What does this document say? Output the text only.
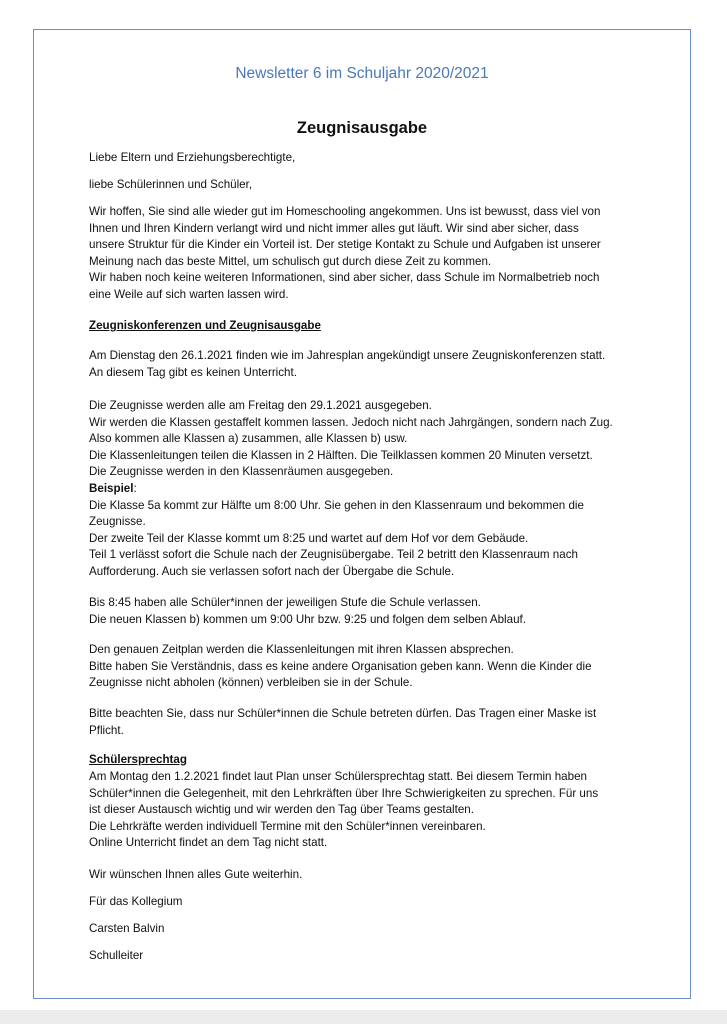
Newsletter 6 im Schuljahr 2020/2021
Zeugnisausgabe
Liebe Eltern und Erziehungsberechtigte,
liebe Schülerinnen und Schüler,

Wir hoffen, Sie sind alle wieder gut im Homeschooling angekommen. Uns ist bewusst, dass viel von

Ihnen und Ihren Kindern verlangt wird und nicht immer alles gut läuft. Wir sind aber sicher, dass

unsere Struktur für die Kinder ein Vorteil ist. Der stetige Kontakt zu Schule und Aufgaben ist unserer

Meinung nach das beste Mittel, um schulisch gut durch diese Zeit zu kommen.

Wir haben noch keine weiteren Informationen, sind aber sicher, dass Schule im Normalbetrieb noch

eine Weile auf sich warten lassen wird.

Zeugniskonferenzen und Zeugnisausgabe

Am Dienstag den 26.1.2021 finden wie im Jahresplan angekündigt unsere Zeugniskonferenzen statt.

An diesem Tag gibt es keinen Unterricht.

Die Zeugnisse werden alle am Freitag den 29.1.2021 ausgegeben.

Wir werden die Klassen gestaffelt kommen lassen. Jedoch nicht nach Jahrgängen, sondern nach Zug.

Also kommen alle Klassen a) zusammen, alle Klassen b) usw.

Die Klassenleitungen teilen die Klassen in 2 Hälften. Die Teilklassen kommen 20 Minuten versetzt.

Die Zeugnisse werden in den Klassenräumen ausgegeben.

Beispiel:

Die Klasse 5a kommt zur Hälfte um 8:00 Uhr. Sie gehen in den Klassenraum und bekommen die

Zeugnisse.

Der zweite Teil der Klasse kommt um 8:25 und wartet auf dem Hof vor dem Gebäude.

Teil 1 verlässt sofort die Schule nach der Zeugnisübergabe. Teil 2 betritt den Klassenraum nach

Aufforderung. Auch sie verlassen sofort nach der Übergabe die Schule.

Bis 8:45 haben alle Schüler*innen der jeweiligen Stufe die Schule verlassen.

Die neuen Klassen b) kommen um 9:00 Uhr bzw. 9:25 und folgen dem selben Ablauf.

Den genauen Zeitplan werden die Klassenleitungen mit ihren Klassen absprechen.

Bitte haben Sie Verständnis, dass es keine andere Organisation geben kann. Wenn die Kinder die

Zeugnisse nicht abholen (können) verbleiben sie in der Schule.

Bitte beachten Sie, dass nur Schüler*innen die Schule betreten dürfen. Das Tragen einer Maske ist

Pflicht.

Schülersprechtag

Am Montag den 1.2.2021 findet laut Plan unser Schülersprechtag statt. Bei diesem Termin haben

Schüler*innen die Gelegenheit, mit den Lehrkräften über Ihre Schwierigkeiten zu sprechen. Für uns

ist dieser Austausch wichtig und wir werden den Tag über Teams gestalten.

Die Lehrkräfte werden individuell Termine mit den Schüler*innen vereinbaren.

Online Unterricht findet an dem Tag nicht statt.

Wir wünschen Ihnen alles Gute weiterhin.
Für das Kollegium
Carsten Balvin
Schulleiter
